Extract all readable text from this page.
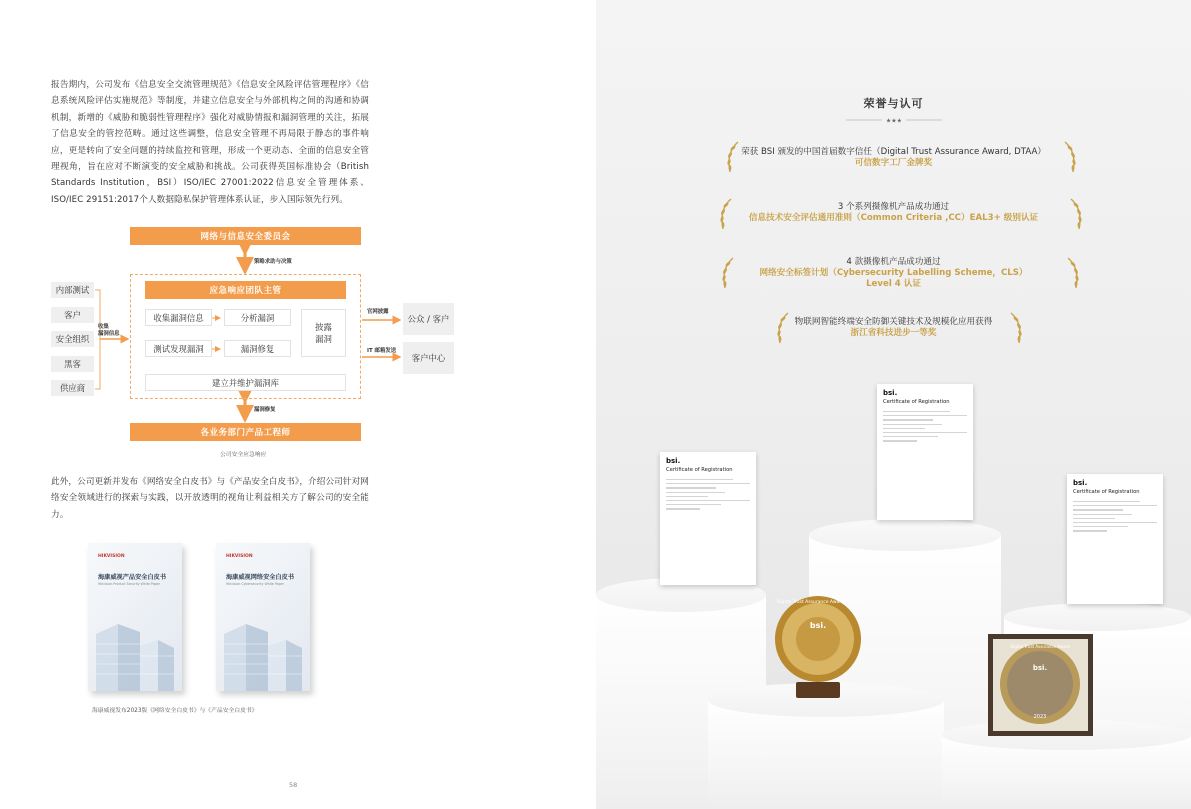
报告期内，公司发布《信息安全交流管理规范》《信息安全风险评估管理程序》《信息系统风险评估实施规范》等制度，并建立信息安全与外部机构之间的沟通和协调机制，新增的《威胁和脆弱性管理程序》强化对威胁情报和漏洞管理的关注，拓展了信息安全的管控范畴。通过这些调整，信息安全管理不再局限于静态的事件响应，更是转向了安全问题的持续监控和管理，形成一个更动态、全面的信息安全管理视角，旨在应对不断演变的安全威胁和挑战。公司获得英国标准协会（British Standards Institution，BSI）ISO/IEC 27001:2022信息安全管理体系、ISO/IEC 29151:2017个人数据隐私保护管理体系认证，步入国际领先行列。

网络与信息安全委员会
策略求助与决策
应急响应团队主管
收集漏洞信息	分析漏洞
测试发现漏洞	漏洞修复
披露
漏洞
建立并维护漏洞库
内部测试
客户
安全组织
黑客
供应商
收集
漏洞信息
官网披露
IT 邮箱发送
公众 / 客户
客户中心
漏洞修复
各业务部门产品工程师
公司安全应急响应

此外，公司更新并发布《网络安全白皮书》与《产品安全白皮书》，介绍公司针对网络安全领域进行的探索与实践，以开放透明的视角让利益相关方了解公司的安全能力。

HIKVISION
海康威视产品安全白皮书
Hikvision Product Security White Paper
HIKVISION
海康威视网络安全白皮书
Hikvision Cybersecurity White Paper
海康威视发布2023版《网络安全白皮书》与《产品安全白皮书》
58
荣誉与认可
★★★
荣获 BSI 颁发的中国首届数字信任（Digital Trust Assurance Award, DTAA）
可信数字工厂金牌奖
3 个系列摄像机产品成功通过
信息技术安全评估通用准则（Common Criteria ,CC）EAL3+ 级别认证
4 款摄像机产品成功通过
网络安全标签计划（Cybersecurity Labelling Scheme，CLS）
Level 4 认证
物联网智能终端安全防御关键技术及规模化应用获得
浙江省科技进步一等奖
bsi.
Certificate of Registration
bsi.
Certificate of Registration
bsi.
Certificate of Registration
bsi.
Digital Trust Assurance Award (Gold)
bsi.
Digital Trust Assurance Award
2023
